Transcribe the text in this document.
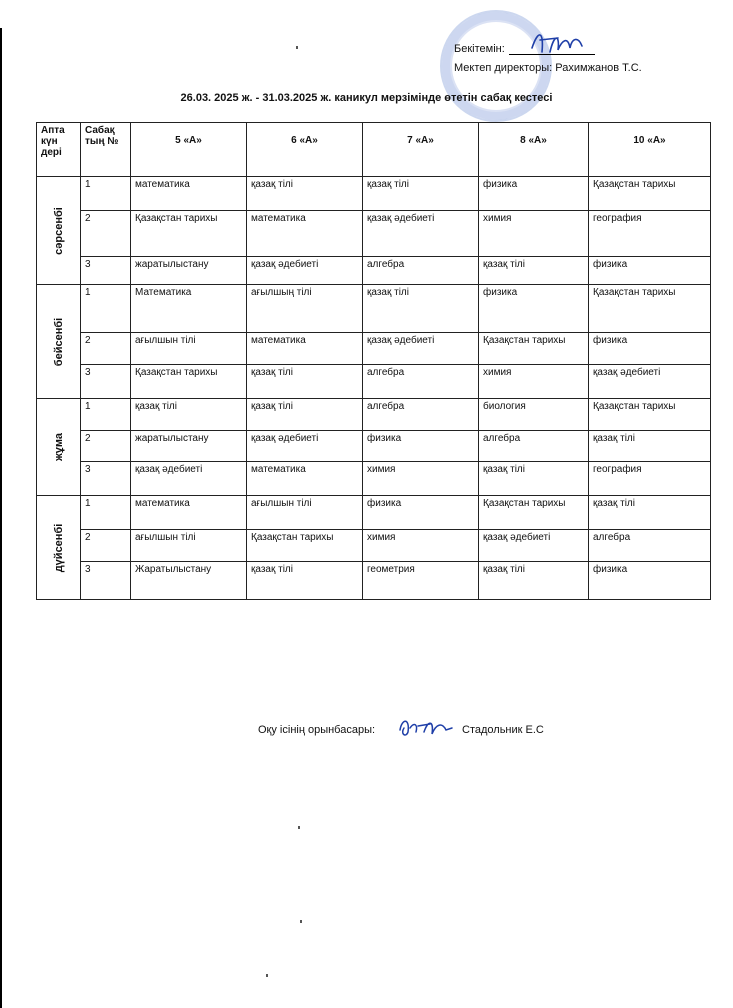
Бекітемін:
Мектеп директоры: Рахимжанов Т.С.
26.03. 2025 ж. - 31.03.2025 ж. каникул мерзімінде өтетін сабақ кестесі
Апта күн дері	Сабақ тың №	5 «А»	6 «А»	7 «А»	8 «А»	10 «А»

сәрсенбі	1	математика	қазақ тілі	қазақ тілі	физика	Қазақстан тарихы
	2	Қазақстан тарихы	математика	қазақ әдебиеті	химия	география
	3	жаратылыстану	қазақ әдебиеті	алгебра	қазақ тілі	физика

бейсенбі	1	Математика	ағылшың тілі	қазақ тілі	физика	Қазақстан тарихы
	2	ағылшын тілі	математика	қазақ әдебиеті	Қазақстан тарихы	физика
	3	Қазақстан тарихы	қазақ тілі	алгебра	химия	қазақ әдебиеті

жұма	1	қазақ тілі	қазақ тілі	алгебра	биология	Қазақстан тарихы
	2	жаратылыстану	қазақ әдебиеті	физика	алгебра	қазақ тілі
	3	қазақ әдебиеті	математика	химия	қазақ тілі	география

дүйсенбі	1	математика	ағылшын тілі	физика	Қазақстан тарихы	қазақ тілі
	2	ағылшын тілі	Қазақстан тарихы	химия	қазақ әдебиеті	алгебра
	3	Жаратылыстану	қазақ тілі	геометрия	қазақ тілі	физика
Оқу ісінің орынбасары:	Стадольник Е.С
